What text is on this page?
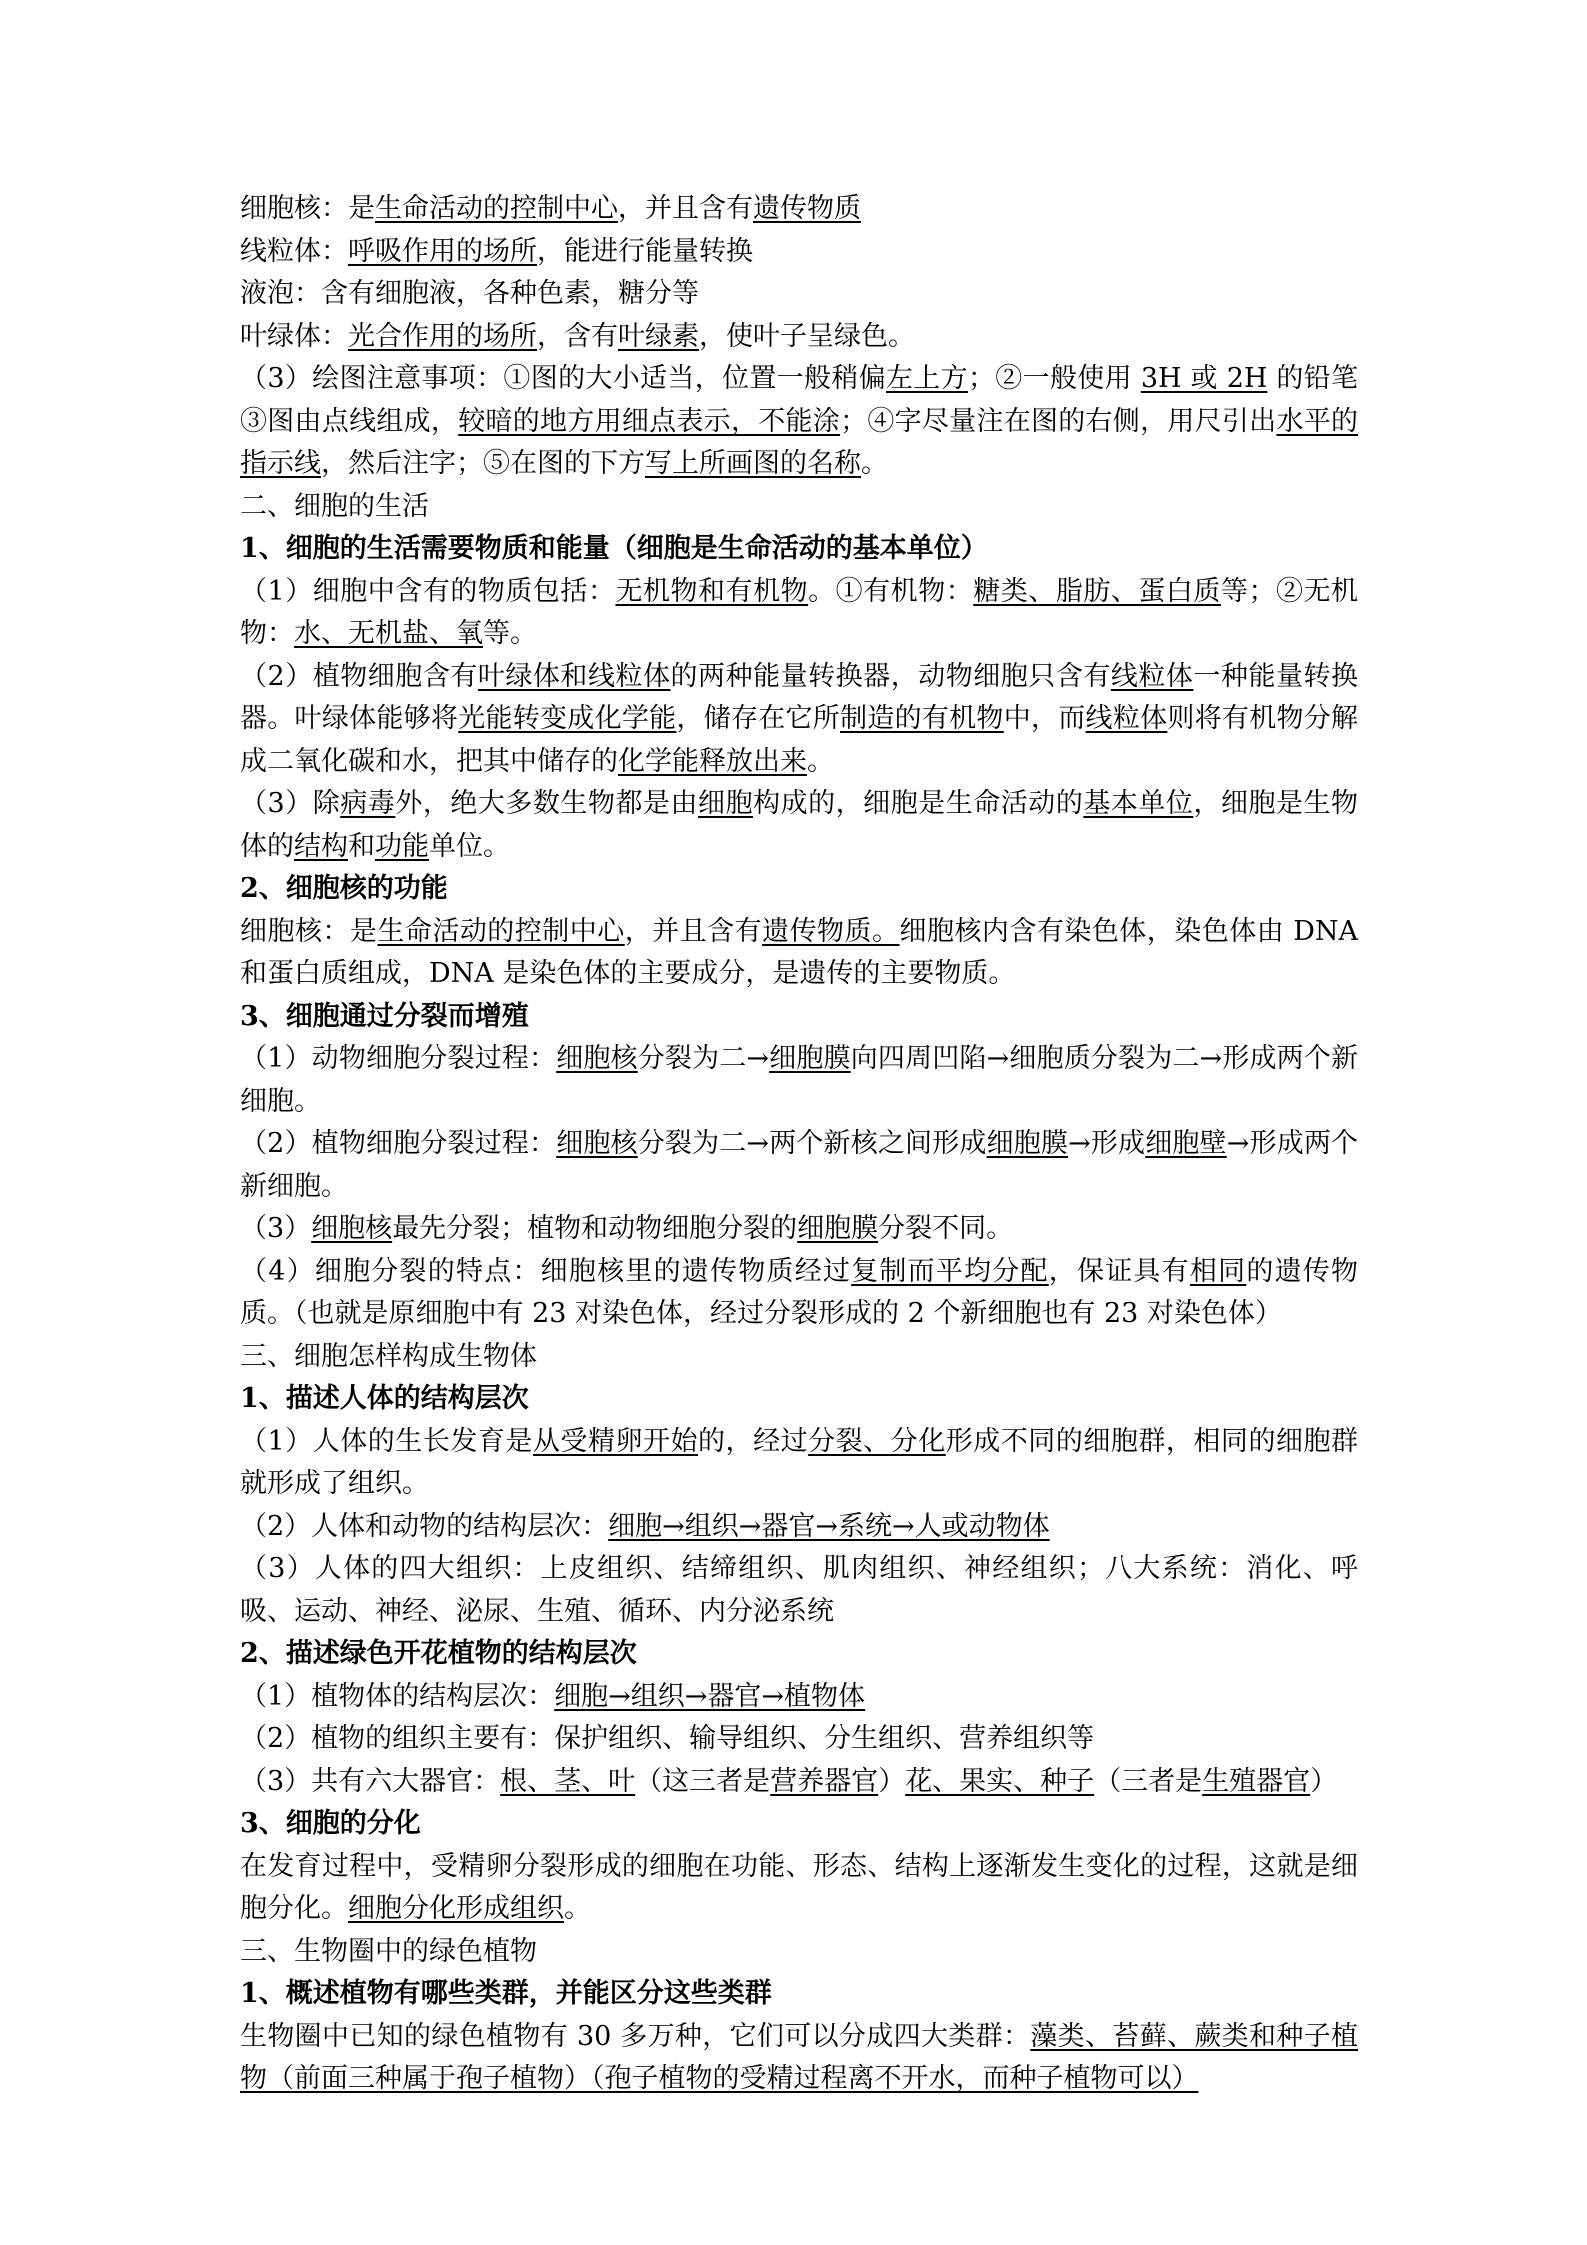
细胞核：是生命活动的控制中心，并且含有遗传物质
线粒体：呼吸作用的场所，能进行能量转换
液泡：含有细胞液，各种色素，糖分等
叶绿体：光合作用的场所，含有叶绿素，使叶子呈绿色。
（3）绘图注意事项：①图的大小适当，位置一般稍偏左上方；②一般使用 3H 或 2H 的铅笔③图由点线组成，较暗的地方用细点表示，不能涂；④字尽量注在图的右侧，用尺引出水平的指示线，然后注字；⑤在图的下方写上所画图的名称。
二、细胞的生活
1、细胞的生活需要物质和能量（细胞是生命活动的基本单位）
（1）细胞中含有的物质包括：无机物和有机物。①有机物：糖类、脂肪、蛋白质等；②无机物：水、无机盐、氧等。
（2）植物细胞含有叶绿体和线粒体的两种能量转换器，动物细胞只含有线粒体一种能量转换器。叶绿体能够将光能转变成化学能，储存在它所制造的有机物中，而线粒体则将有机物分解成二氧化碳和水，把其中储存的化学能释放出来。
（3）除病毒外，绝大多数生物都是由细胞构成的，细胞是生命活动的基本单位，细胞是生物体的结构和功能单位。
2、细胞核的功能
细胞核：是生命活动的控制中心，并且含有遗传物质。细胞核内含有染色体，染色体由 DNA 和蛋白质组成，DNA 是染色体的主要成分，是遗传的主要物质。
3、细胞通过分裂而增殖
（1）动物细胞分裂过程：细胞核分裂为二→细胞膜向四周凹陷→细胞质分裂为二→形成两个新细胞。
（2）植物细胞分裂过程：细胞核分裂为二→两个新核之间形成细胞膜→形成细胞壁→形成两个新细胞。
（3）细胞核最先分裂；植物和动物细胞分裂的细胞膜分裂不同。
（4）细胞分裂的特点：细胞核里的遗传物质经过复制而平均分配，保证具有相同的遗传物质。（也就是原细胞中有 23 对染色体，经过分裂形成的 2 个新细胞也有 23 对染色体）
三、细胞怎样构成生物体
1、描述人体的结构层次
（1）人体的生长发育是从受精卵开始的，经过分裂、分化形成不同的细胞群，相同的细胞群就形成了组织。
（2）人体和动物的结构层次：细胞→组织→器官→系统→人或动物体
（3）人体的四大组织：上皮组织、结缔组织、肌肉组织、神经组织；八大系统：消化、呼吸、运动、神经、泌尿、生殖、循环、内分泌系统
2、描述绿色开花植物的结构层次
（1）植物体的结构层次：细胞→组织→器官→植物体
（2）植物的组织主要有：保护组织、输导组织、分生组织、营养组织等
（3）共有六大器官：根、茎、叶（这三者是营养器官）花、果实、种子（三者是生殖器官）
3、细胞的分化
在发育过程中，受精卵分裂形成的细胞在功能、形态、结构上逐渐发生变化的过程，这就是细胞分化。细胞分化形成组织。
三、生物圈中的绿色植物
1、概述植物有哪些类群，并能区分这些类群
生物圈中已知的绿色植物有 30 多万种，它们可以分成四大类群：藻类、苔藓、蕨类和种子植物（前面三种属于孢子植物）（孢子植物的受精过程离不开水，而种子植物可以）
